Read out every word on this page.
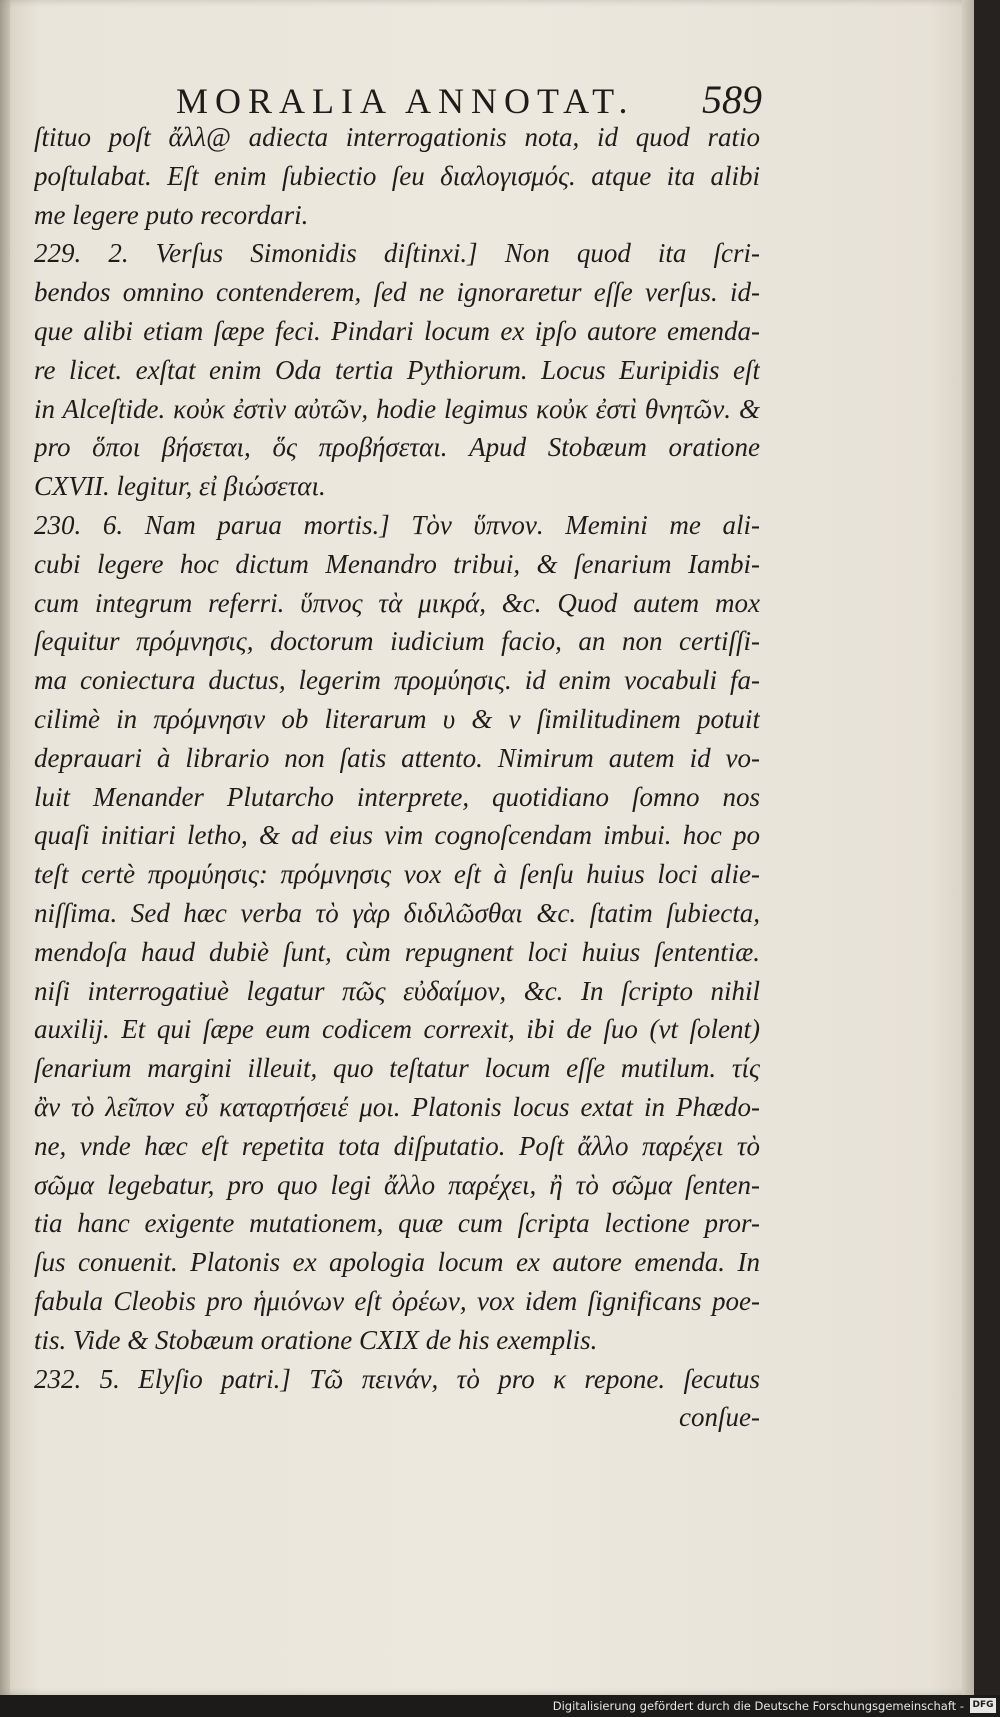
MORALIA ANNOTAT.	589
ſtituo poſt ἄλλ@ adiecta interrogationis nota, id quod ratio
poſtulabat. Eſt enim ſubiectio ſeu διαλογισμός. atque ita alibi
me legere puto recordari.
229. 2. Verſus Simonidis diſtinxi.] Non quod ita ſcri-
bendos omnino contenderem, ſed ne ignoraretur eſſe verſus. id-
que alibi etiam ſæpe feci. Pindari locum ex ipſo autore emenda-
re licet. exſtat enim Oda tertia Pythiorum. Locus Euripidis eſt
in Alceſtide. κοὐκ ἐστὶν αὐτῶν, hodie legimus κοὐκ ἐστὶ θνητῶν. &
pro ὅποι βήσεται, ὅς προβήσεται. Apud Stobæum oratione
CXVII. legitur, εἰ βιώσεται.
230. 6. Nam parua mortis.] Τὸν ὕπνον. Memini me ali-
cubi legere hoc dictum Menandro tribui, & ſenarium Iambi-
cum integrum referri. ὕπνος τὰ μικρά, &c. Quod autem mox
ſequitur πρόμνησις, doctorum iudicium facio, an non certiſſi-
ma coniectura ductus, legerim προμύησις. id enim vocabuli fa-
cilimè in πρόμνησιν ob literarum υ & ν ſimilitudinem potuit
deprauari à librario non ſatis attento. Nimirum autem id vo-
luit Menander Plutarcho interprete, quotidiano ſomno nos
quaſi initiari letho, & ad eius vim cognoſcendam imbui. hoc po
teſt certè προμύησις: πρόμνησις vox eſt à ſenſu huius loci alie-
niſſima. Sed hæc verba τὸ γὰρ διδιλῶσθαι &c. ſtatim ſubiecta,
mendoſa haud dubiè ſunt, cùm repugnent loci huius ſententiæ.
niſi interrogatiuè legatur πῶς εὐδαίμον, &c. In ſcripto nihil
auxilij. Et qui ſæpe eum codicem correxit, ibi de ſuo (vt ſolent)
ſenarium margini illeuit, quo teſtatur locum eſſe mutilum. τίς
ἂν τὸ λεῖπον εὖ καταρτήσειέ μοι. Platonis locus extat in Phædo-
ne, vnde hæc eſt repetita tota diſputatio. Poſt ἄλλο παρέχει τὸ
σῶμα legebatur, pro quo legi ἄλλο παρέχει, ἢ τὸ σῶμα ſenten-
tia hanc exigente mutationem, quæ cum ſcripta lectione pror-
ſus conuenit. Platonis ex apologia locum ex autore emenda. In
fabula Cleobis pro ἡμιόνων eſt ὀρέων, vox idem ſignificans poe-
tis. Vide & Stobæum oratione CXIX de his exemplis.
232. 5. Elyſio patri.] Τῶ πεινάν, τὸ pro κ repone. ſecutus
conſue-
Digitalisierung gefördert durch die Deutsche Forschungsgemeinschaft - DFG
